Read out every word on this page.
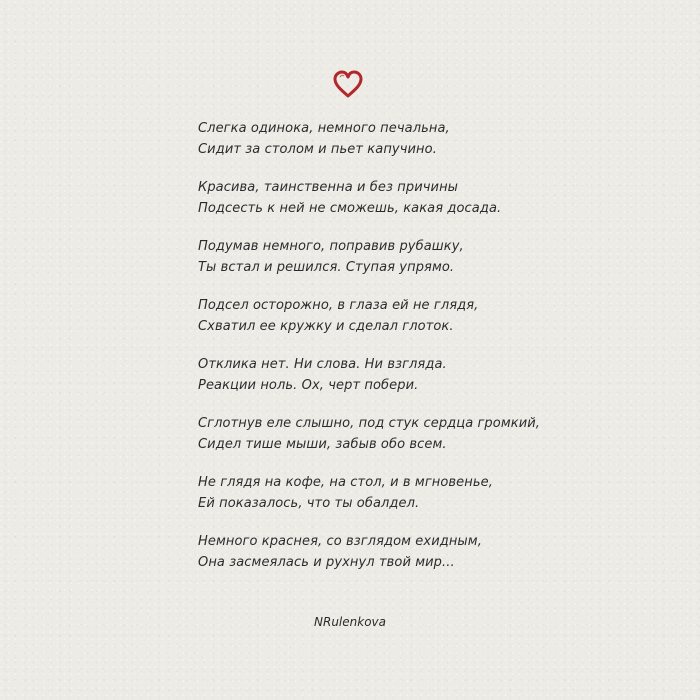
Слегка одинока, немного печальна,
Сидит за столом и пьет капучино.
Красива, таинственна и без причины
Подсесть к ней не сможешь, какая досада.
Подумав немного, поправив рубашку,
Ты встал и решился. Ступая упрямо.
Подсел осторожно, в глаза ей не глядя,
Схватил ее кружку и сделал глоток.
Отклика нет. Ни слова. Ни взгляда.
Реакции ноль. Ох, черт побери.
Сглотнув еле слышно, под стук сердца громкий,
Сидел тише мыши, забыв обо всем.
Не глядя на кофе, на стол, и в мгновенье,
Ей показалось, что ты обалдел.
Немного краснея, со взглядом ехидным,
Она засмеялась и рухнул твой мир...
NRulenkova
